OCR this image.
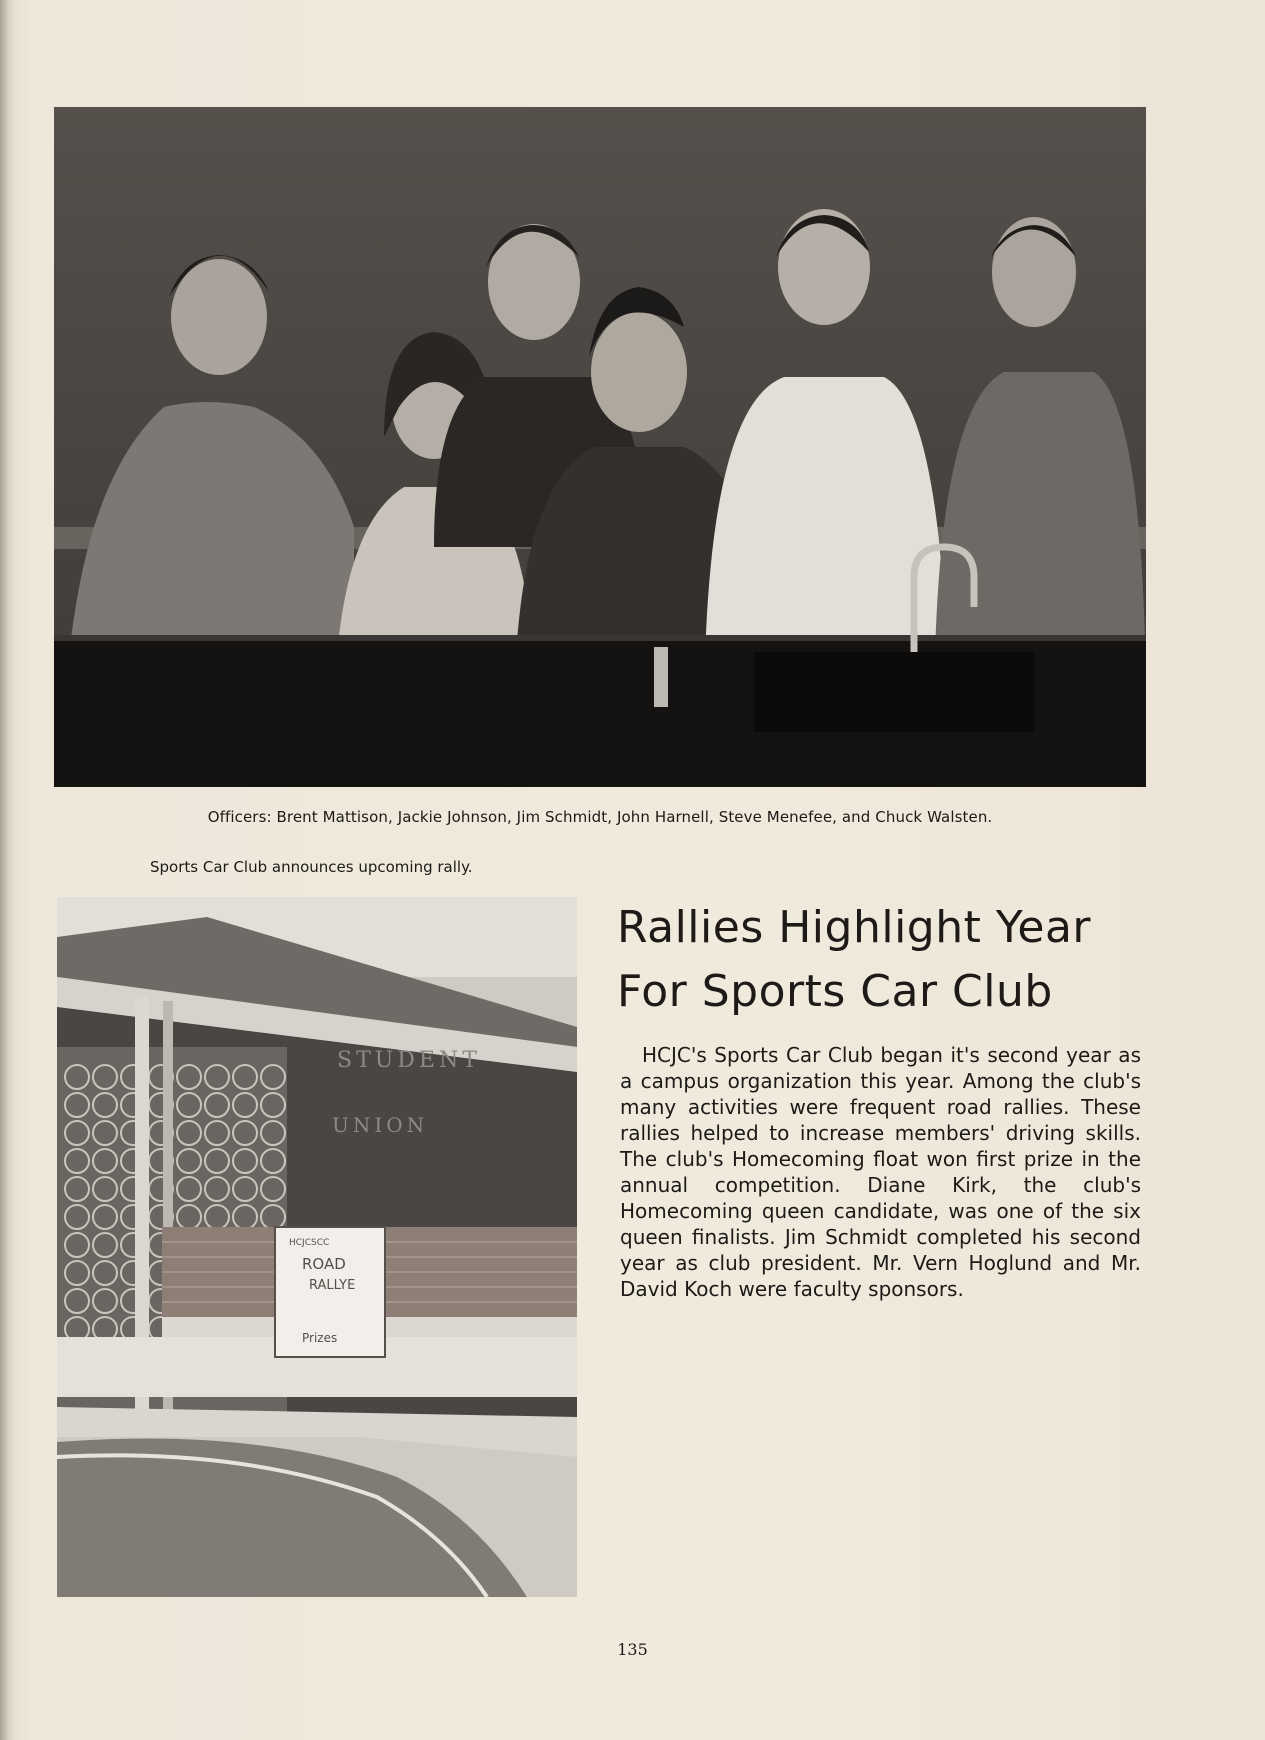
Officers: Brent Mattison, Jackie Johnson, Jim Schmidt, John Harnell, Steve Menefee, and Chuck Walsten.
Sports Car Club announces upcoming rally.
STUDENT
UNION
HCJCSCC
ROAD
RALLYE
Prizes
Rallies Highlight Year
For Sports Car Club

HCJC's Sports Car Club began it's second year as a campus organization this year. Among the club's many activities were frequent road rallies. These rallies helped to increase members' driving skills. The club's Homecoming float won first prize in the annual competition. Diane Kirk, the club's Homecoming queen candidate, was one of the six queen finalists. Jim Schmidt completed his second year as club president. Mr. Vern Hoglund and Mr. David Koch were faculty sponsors.

135
